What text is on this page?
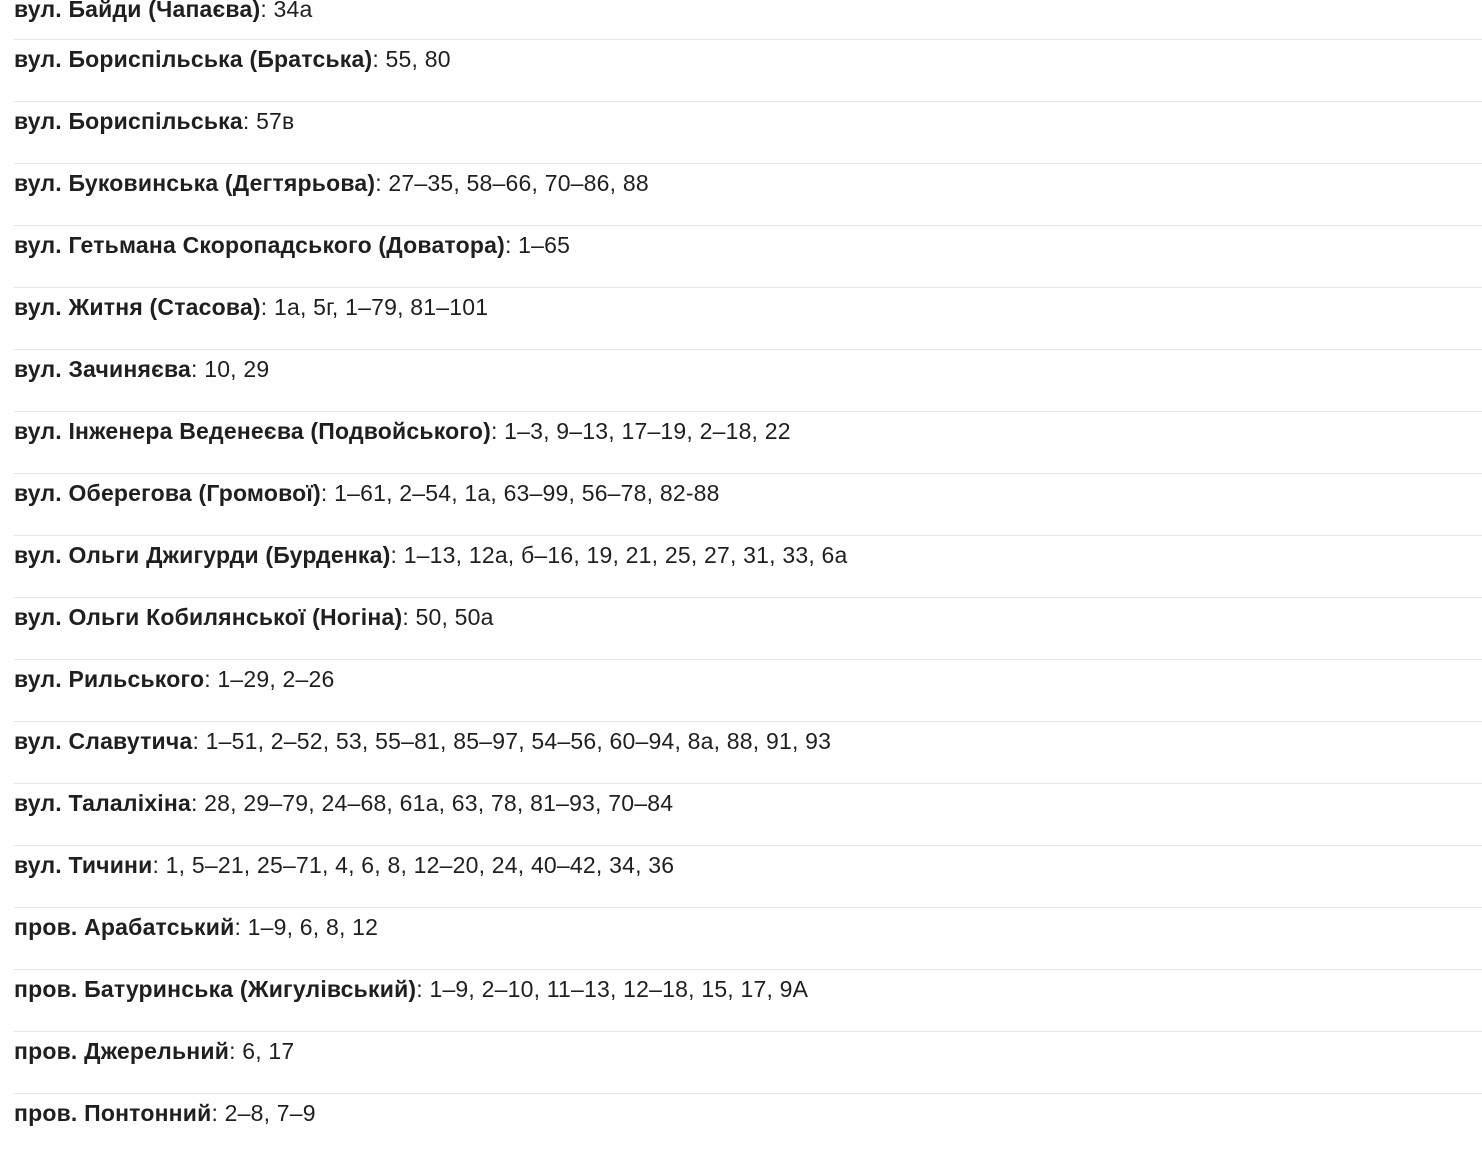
вул. Байди (Чапаєва): 34а
вул. Бориспільська (Братська): 55, 80
вул. Бориспільська: 57в
вул. Буковинська (Дегтярьова): 27–35, 58–66, 70–86, 88
вул. Гетьмана Скоропадського (Доватора): 1–65
вул. Житня (Стасова): 1а, 5г, 1–79, 81–101
вул. Зачиняєва: 10, 29
вул. Інженера Веденеєва (Подвойського): 1–3, 9–13, 17–19, 2–18, 22
вул. Оберегова (Громової): 1–61, 2–54, 1а, 63–99, 56–78, 82-88
вул. Ольги Джигурди (Бурденка): 1–13, 12а, б–16, 19, 21, 25, 27, 31, 33, 6а
вул. Ольги Кобилянської (Ногіна): 50, 50а
вул. Рильського: 1–29, 2–26
вул. Славутича: 1–51, 2–52, 53, 55–81, 85–97, 54–56, 60–94, 8а, 88, 91, 93
вул. Талаліхіна: 28, 29–79, 24–68, 61а, 63, 78, 81–93, 70–84
вул. Тичини: 1, 5–21, 25–71, 4, 6, 8, 12–20, 24, 40–42, 34, 36
пров. Арабатський: 1–9, 6, 8, 12
пров. Батуринська (Жигулівський): 1–9, 2–10, 11–13, 12–18, 15, 17, 9А
пров. Джерельний: 6, 17
пров. Понтонний: 2–8, 7–9
